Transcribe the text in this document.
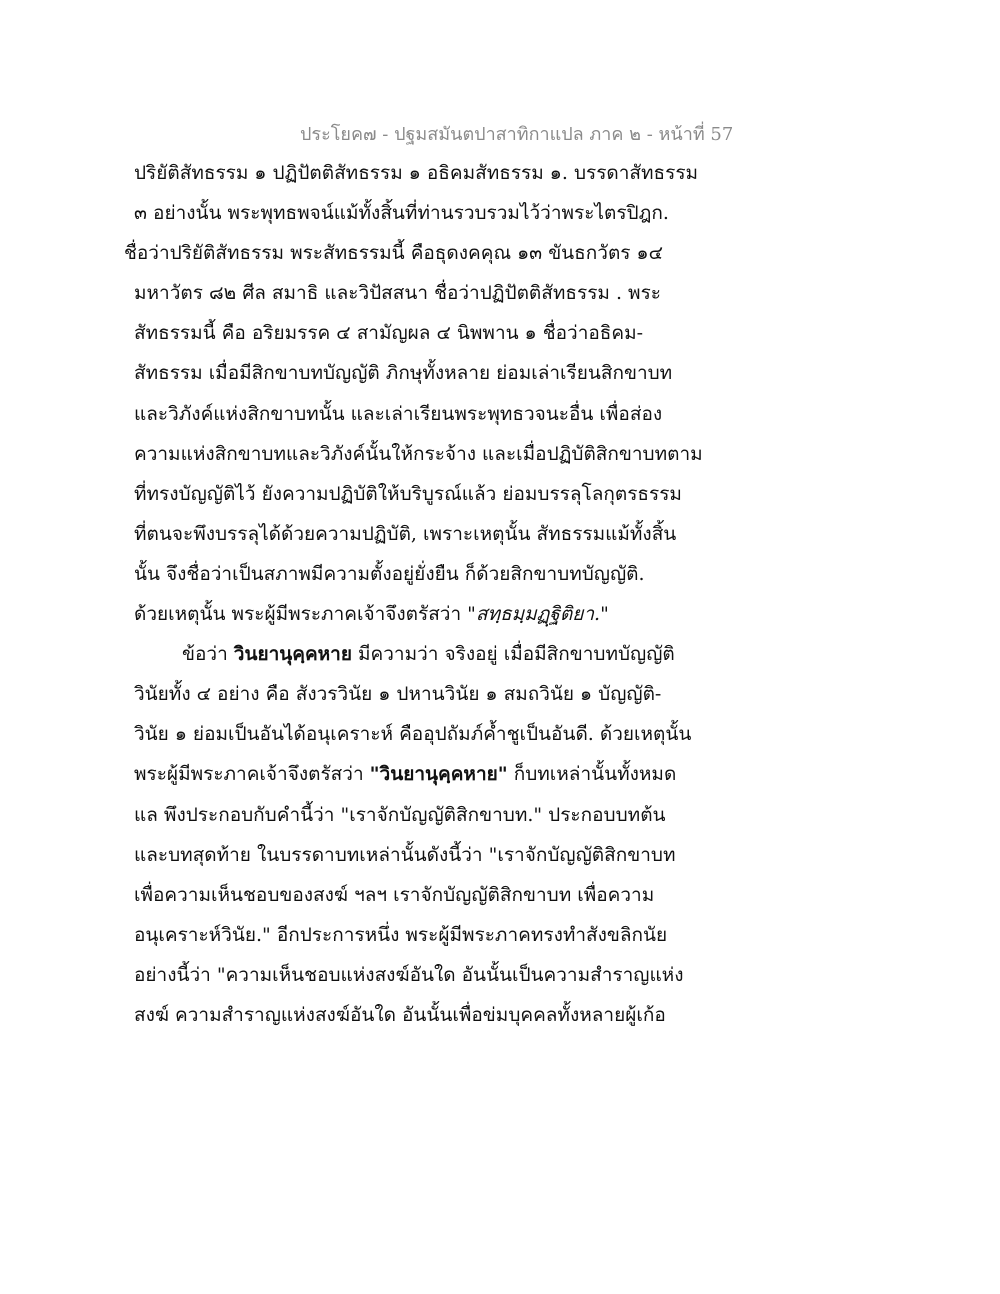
ประโยค๗ - ปฐมสมันตปาสาทิกาแปล ภาค ๒ - หน้าที่ 57
ปริยัติสัทธรรม ๑ ปฏิปัตติสัทธรรม ๑ อธิคมสัทธรรม ๑. บรรดาสัทธรรม
๓ อย่างนั้น พระพุทธพจน์แม้ทั้งสิ้นที่ท่านรวบรวมไว้ว่าพระไตรปิฎก.
ชื่อว่าปริยัติสัทธรรม พระสัทธรรมนี้ คือธุดงคคุณ ๑๓ ขันธกวัตร ๑๔
มหาวัตร ๘๒ ศีล สมาธิ และวิปัสสนา ชื่อว่าปฏิปัตติสัทธรรม . พระ
สัทธรรมนี้ คือ อริยมรรค ๔ สามัญผล ๔ นิพพาน ๑ ชื่อว่าอธิคม-
สัทธรรม เมื่อมีสิกขาบทบัญญัติ ภิกษุทั้งหลาย ย่อมเล่าเรียนสิกขาบท
และวิภังค์แห่งสิกขาบทนั้น และเล่าเรียนพระพุทธวจนะอื่น เพื่อส่อง
ความแห่งสิกขาบทและวิภังค์นั้นให้กระจ้าง และเมื่อปฏิบัติสิกขาบทตาม
ที่ทรงบัญญัติไว้ ยังความปฏิบัติให้บริบูรณ์แล้ว ย่อมบรรลุโลกุตรธรรม
ที่ตนจะพึงบรรลุได้ด้วยความปฏิบัติ, เพราะเหตุนั้น สัทธรรมแม้ทั้งสิ้น
นั้น จึงชื่อว่าเป็นสภาพมีความตั้งอยู่ยั่งยืน ก็ด้วยสิกขาบทบัญญัติ.
ด้วยเหตุนั้น พระผู้มีพระภาคเจ้าจึงตรัสว่า "สทฺธมฺมฏฺฐิติยา."
ข้อว่า วินยานุคฺคหาย มีความว่า จริงอยู่ เมื่อมีสิกขาบทบัญญัติ
วินัยทั้ง ๔ อย่าง คือ สังวรวินัย ๑ ปหานวินัย ๑ สมถวินัย ๑ บัญญัติ-
วินัย ๑ ย่อมเป็นอันได้อนุเคราะห์ คืออุปถัมภ์ค้ำชูเป็นอันดี. ด้วยเหตุนั้น
พระผู้มีพระภาคเจ้าจึงตรัสว่า "วินยานุคฺคหาย" ก็บทเหล่านั้นทั้งหมด
แล พึงประกอบกับคำนี้ว่า "เราจักบัญญัติสิกขาบท." ประกอบบทต้น
และบทสุดท้าย ในบรรดาบทเหล่านั้นดังนี้ว่า "เราจักบัญญัติสิกขาบท
เพื่อความเห็นชอบของสงฆ์ ฯลฯ เราจักบัญญัติสิกขาบท เพื่อความ
อนุเคราะห์วินัย." อีกประการหนึ่ง พระผู้มีพระภาคทรงทำสังขลิกนัย
อย่างนี้ว่า "ความเห็นชอบแห่งสงฆ์อันใด อันนั้นเป็นความสำราญแห่ง
สงฆ์ ความสำราญแห่งสงฆ์อันใด อันนั้นเพื่อข่มบุคคลทั้งหลายผู้เก้อ
